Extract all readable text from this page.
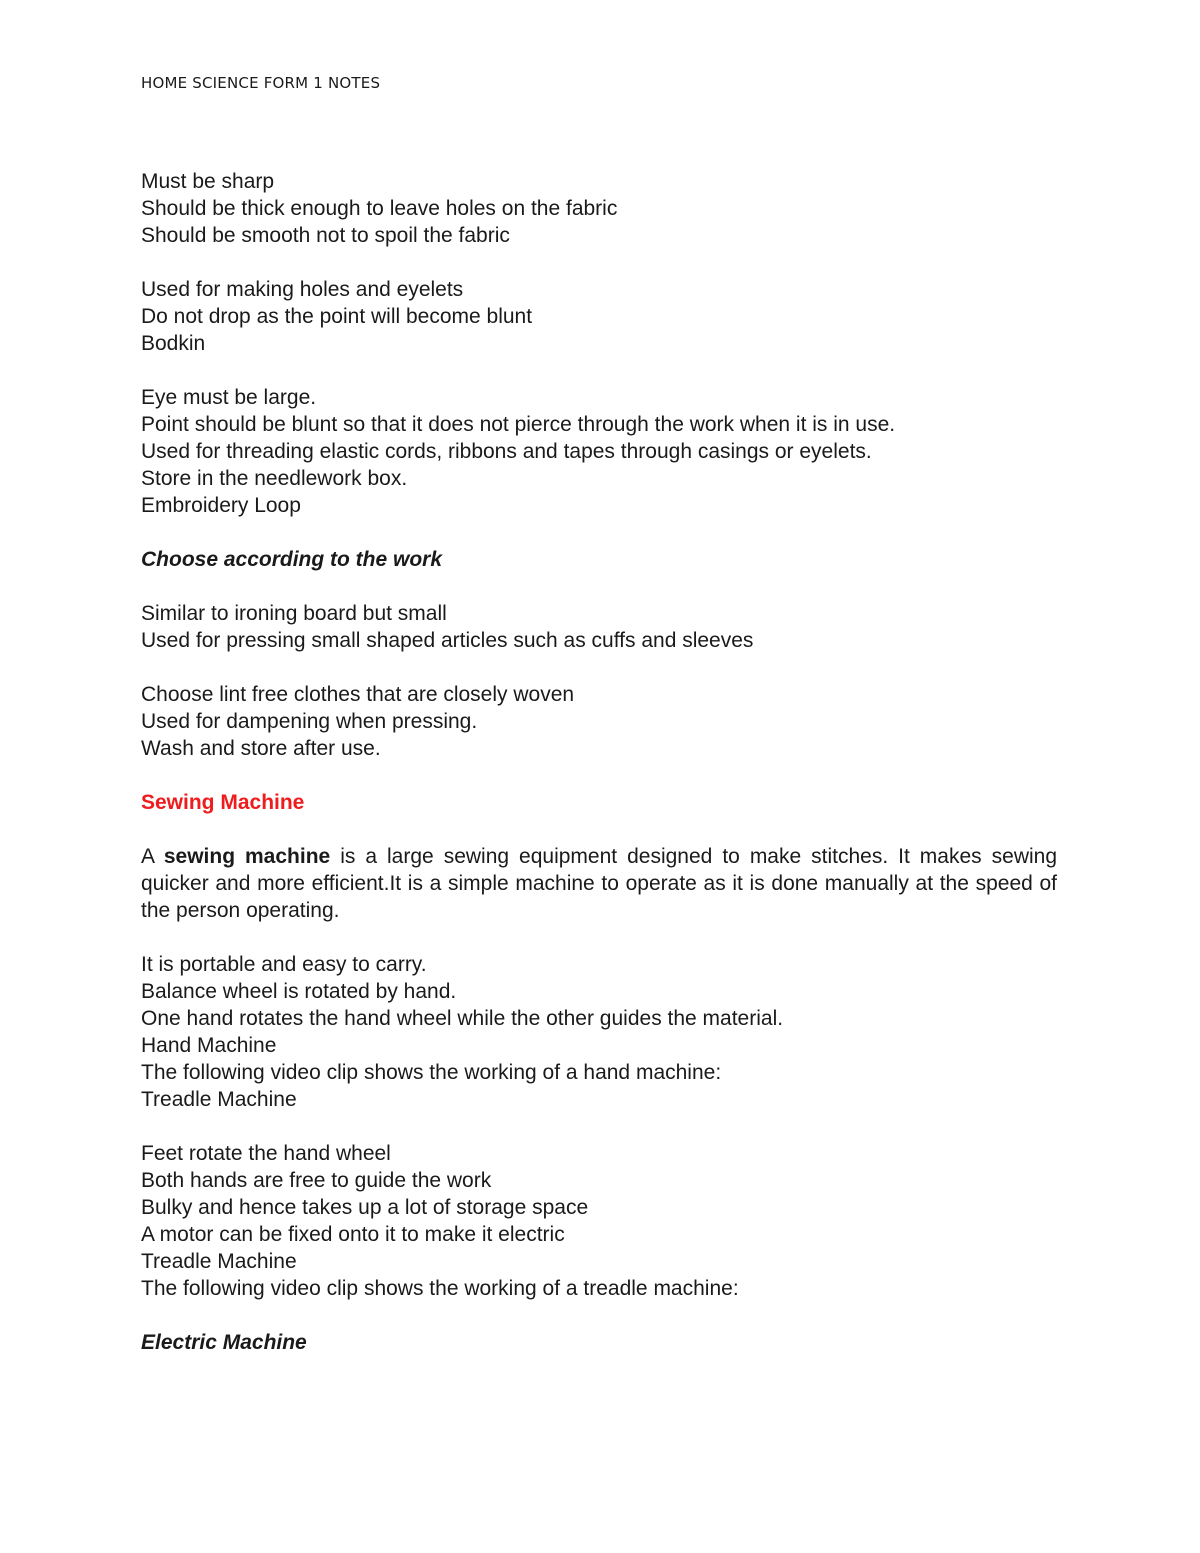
HOME SCIENCE FORM 1 NOTES
Must be sharp
Should be thick enough to leave holes on the fabric
Should be smooth not to spoil the fabric
Used for making holes and eyelets
Do not drop as the point will become blunt
Bodkin
Eye must be large.
Point should be blunt so that it does not pierce through the work when it is in use.
Used for threading elastic cords, ribbons and tapes through casings or eyelets.
Store in the needlework box.
Embroidery Loop
Choose according to the work
Similar to ironing board but small
Used for pressing small shaped articles such as cuffs and sleeves
Choose lint free clothes that are closely woven
Used for dampening when pressing.
Wash and store after use.
Sewing Machine
A sewing machine is a large sewing equipment designed to make stitches. It makes sewing quicker and more efficient.It is a simple machine to operate as it is done manually at the speed of the person operating.
It is portable and easy to carry.
Balance wheel is rotated by hand.
One hand rotates the hand wheel while the other guides the material.
Hand Machine
The following video clip shows the working of a hand machine:
Treadle Machine
Feet rotate the hand wheel
Both hands are free to guide the work
Bulky and hence takes up a lot of storage space
A motor can be fixed onto it to make it electric
Treadle Machine
The following video clip shows the working of a treadle machine:
Electric Machine
